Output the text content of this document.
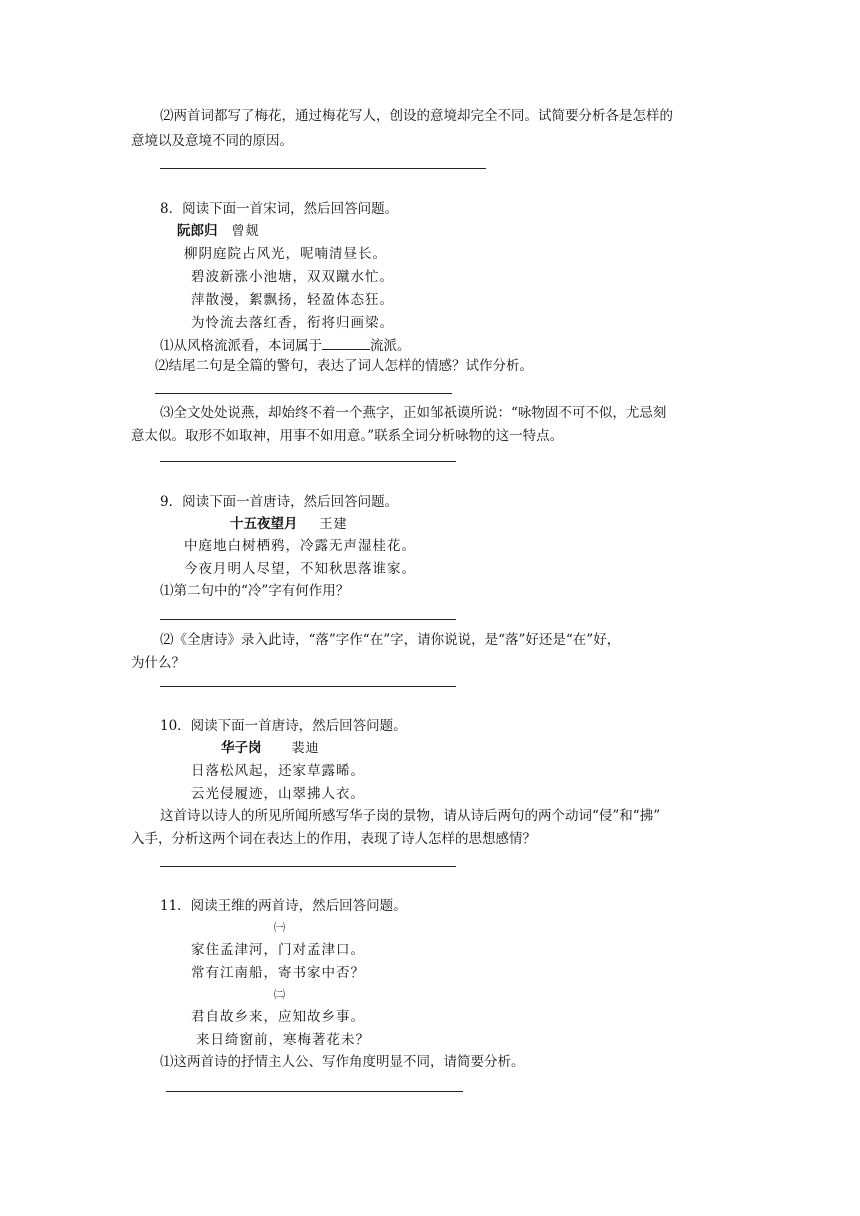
⑵两首词都写了梅花，通过梅花写人，创设的意境却完全不同。试简要分析各是怎样的
意境以及意境不同的原因。
8．阅读下面一首宋词，然后回答问题。
阮郎归 曾觌
柳阴庭院占风光，呢喃清昼长。
碧波新涨小池塘，双双蹴水忙。
萍散漫，絮飘扬，轻盈体态狂。
为怜流去落红香，衔将归画梁。
⑴从风格流派看，本词属于	流派。
⑵结尾二句是全篇的警句，表达了词人怎样的情感？试作分析。
⑶全文处处说燕，却始终不着一个燕字，正如邹祇谟所说：“咏物固不可不似，尤忌刻
意太似。取形不如取神，用事不如用意。”联系全词分析咏物的这一特点。
9．阅读下面一首唐诗，然后回答问题。
十五夜望月 王建
中庭地白树栖鸦，冷露无声湿桂花。
今夜月明人尽望，不知秋思落谁家。
⑴第二句中的“冷”字有何作用？
⑵《全唐诗》录入此诗，“落”字作“在”字，请你说说，是“落”好还是“在”好，
为什么？
10．阅读下面一首唐诗，然后回答问题。
华子岗 裴迪
日落松风起，还家草露晞。
云光侵履迹，山翠拂人衣。
这首诗以诗人的所见所闻所感写华子岗的景物，请从诗后两句的两个动词“侵”和“拂”
入手，分析这两个词在表达上的作用，表现了诗人怎样的思想感情？
11．阅读王维的两首诗，然后回答问题。
㈠
家住孟津河，门对孟津口。
常有江南船，寄书家中否？
㈡
君自故乡来，应知故乡事。
来日绮窗前，寒梅著花未？
⑴这两首诗的抒情主人公、写作角度明显不同，请简要分析。
